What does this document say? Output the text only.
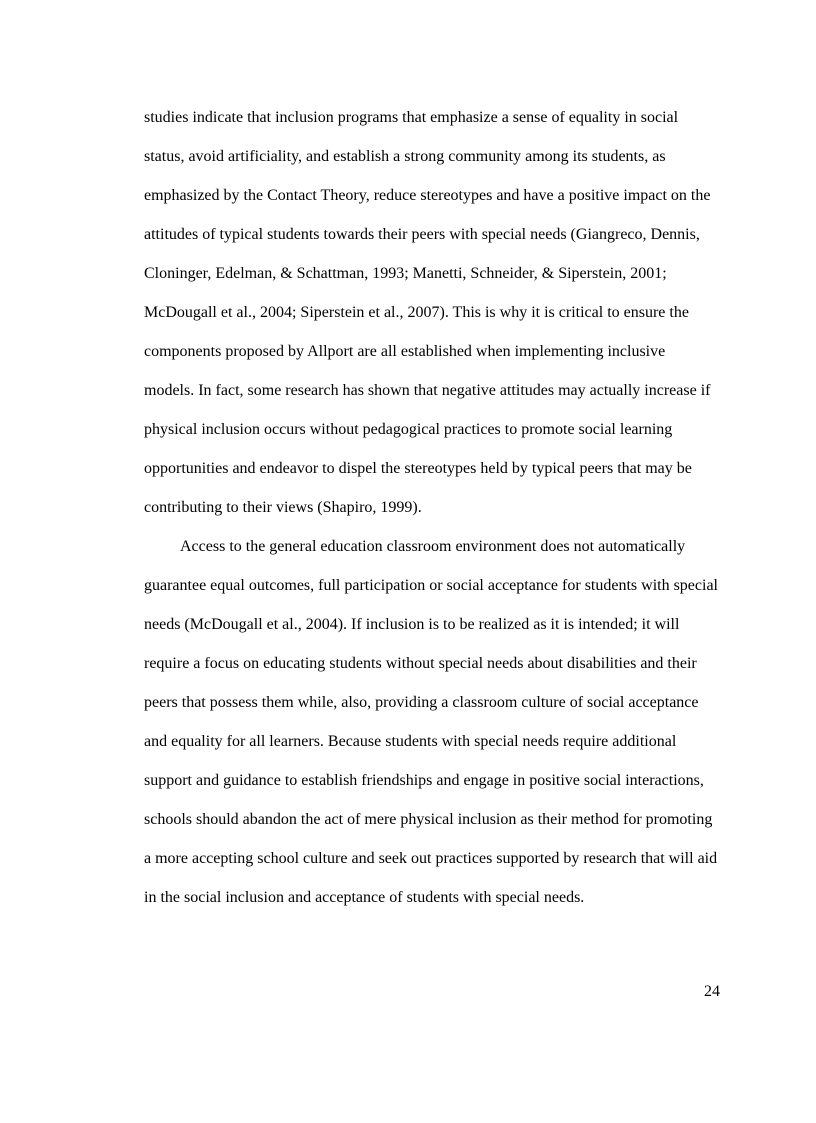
studies indicate that inclusion programs that emphasize a sense of equality in social
status, avoid artificiality, and establish a strong community among its students, as
emphasized by the Contact Theory, reduce stereotypes and have a positive impact on the
attitudes of typical students towards their peers with special needs (Giangreco, Dennis,
Cloninger, Edelman, & Schattman, 1993; Manetti, Schneider, & Siperstein, 2001;
McDougall et al., 2004; Siperstein et al., 2007). This is why it is critical to ensure the
components proposed by Allport are all established when implementing inclusive
models. In fact, some research has shown that negative attitudes may actually increase if
physical inclusion occurs without pedagogical practices to promote social learning
opportunities and endeavor to dispel the stereotypes held by typical peers that may be
contributing to their views (Shapiro, 1999).

Access to the general education classroom environment does not automatically
guarantee equal outcomes, full participation or social acceptance for students with special
needs (McDougall et al., 2004). If inclusion is to be realized as it is intended; it will
require a focus on educating students without special needs about disabilities and their
peers that possess them while, also, providing a classroom culture of social acceptance
and equality for all learners. Because students with special needs require additional
support and guidance to establish friendships and engage in positive social interactions,
schools should abandon the act of mere physical inclusion as their method for promoting
a more accepting school culture and seek out practices supported by research that will aid
in the social inclusion and acceptance of students with special needs.

24
